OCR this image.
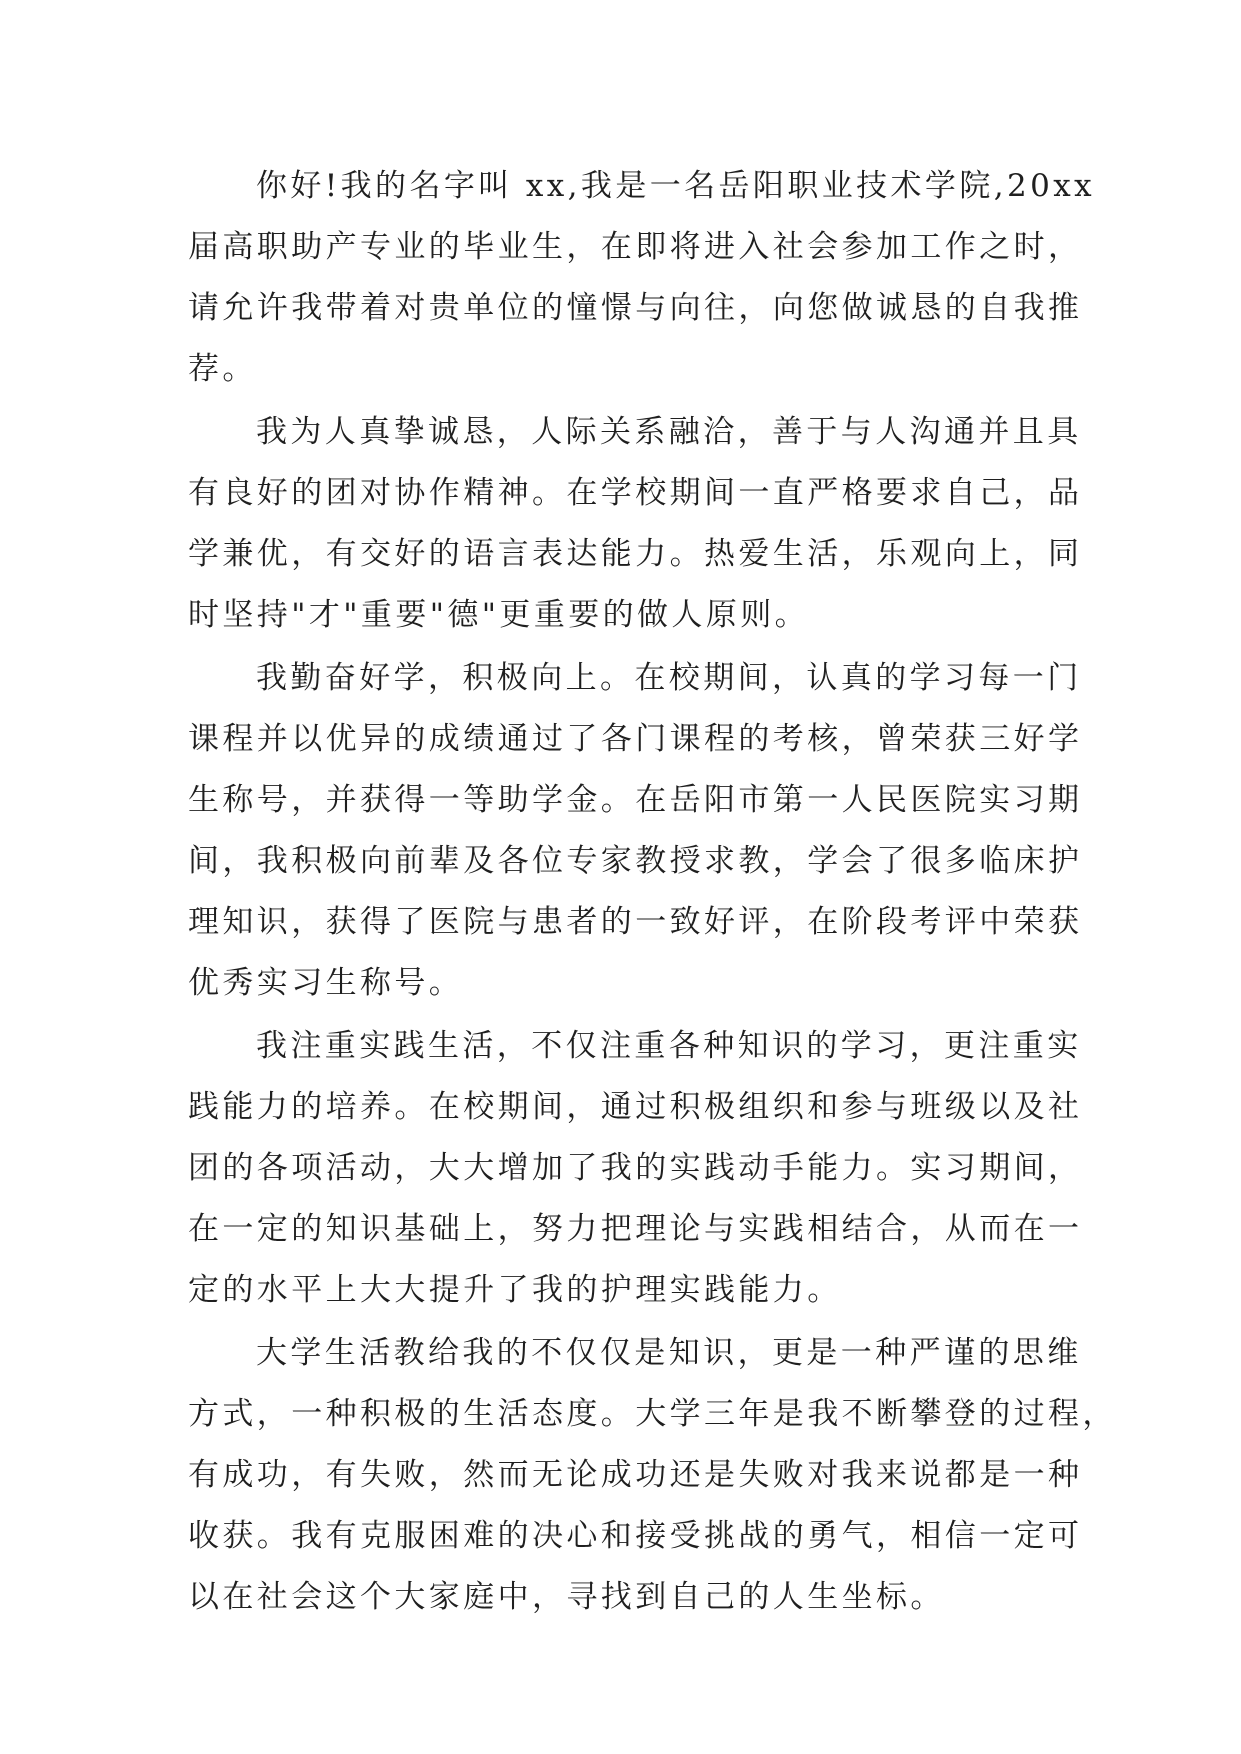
你好!我的名字叫 xx,我是一名岳阳职业技术学院,20xx
届高职助产专业的毕业生，在即将进入社会参加工作之时，
请允许我带着对贵单位的憧憬与向往，向您做诚恳的自我推
荐。

我为人真挚诚恳，人际关系融洽，善于与人沟通并且具
有良好的团对协作精神。在学校期间一直严格要求自己，品
学兼优，有交好的语言表达能力。热爱生活，乐观向上，同
时坚持"才"重要"德"更重要的做人原则。

我勤奋好学，积极向上。在校期间，认真的学习每一门
课程并以优异的成绩通过了各门课程的考核，曾荣获三好学
生称号，并获得一等助学金。在岳阳市第一人民医院实习期
间，我积极向前辈及各位专家教授求教，学会了很多临床护
理知识，获得了医院与患者的一致好评，在阶段考评中荣获
优秀实习生称号。

我注重实践生活，不仅注重各种知识的学习，更注重实
践能力的培养。在校期间，通过积极组织和参与班级以及社
团的各项活动，大大增加了我的实践动手能力。实习期间，
在一定的知识基础上，努力把理论与实践相结合，从而在一
定的水平上大大提升了我的护理实践能力。

大学生活教给我的不仅仅是知识，更是一种严谨的思维
方式，一种积极的生活态度。大学三年是我不断攀登的过程，
有成功，有失败，然而无论成功还是失败对我来说都是一种
收获。我有克服困难的决心和接受挑战的勇气，相信一定可
以在社会这个大家庭中，寻找到自己的人生坐标。
